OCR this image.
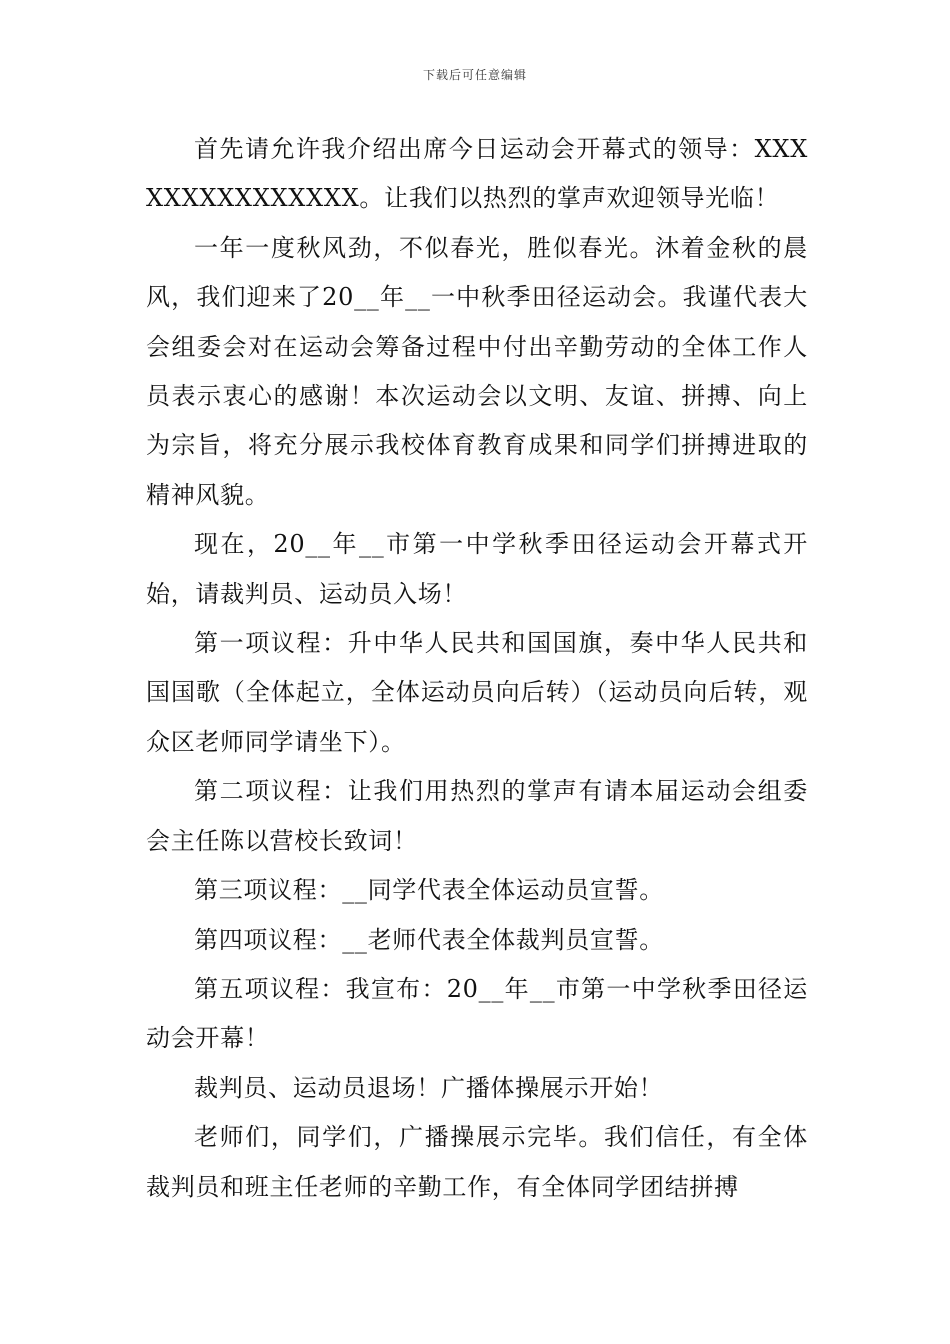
下载后可任意编辑

首先请允许我介绍出席今日运动会开幕式的领导：XXXXXXXXXXXXXXX。让我们以热烈的掌声欢迎领导光临！

一年一度秋风劲，不似春光，胜似春光。沐着金秋的晨风，我们迎来了20__年__一中秋季田径运动会。我谨代表大会组委会对在运动会筹备过程中付出辛勤劳动的全体工作人员表示衷心的感谢！本次运动会以文明、友谊、拼搏、向上为宗旨，将充分展示我校体育教育成果和同学们拼搏进取的精神风貌。

现在，20__年__市第一中学秋季田径运动会开幕式开始，请裁判员、运动员入场！

第一项议程：升中华人民共和国国旗，奏中华人民共和国国歌（全体起立，全体运动员向后转）（运动员向后转，观众区老师同学请坐下）。

第二项议程：让我们用热烈的掌声有请本届运动会组委会主任陈以营校长致词！

第三项议程：__同学代表全体运动员宣誓。

第四项议程：__老师代表全体裁判员宣誓。

第五项议程：我宣布：20__年__市第一中学秋季田径运动会开幕！

裁判员、运动员退场！广播体操展示开始！

老师们，同学们，广播操展示完毕。我们信任，有全体裁判员和班主任老师的辛勤工作，有全体同学团结拼搏
